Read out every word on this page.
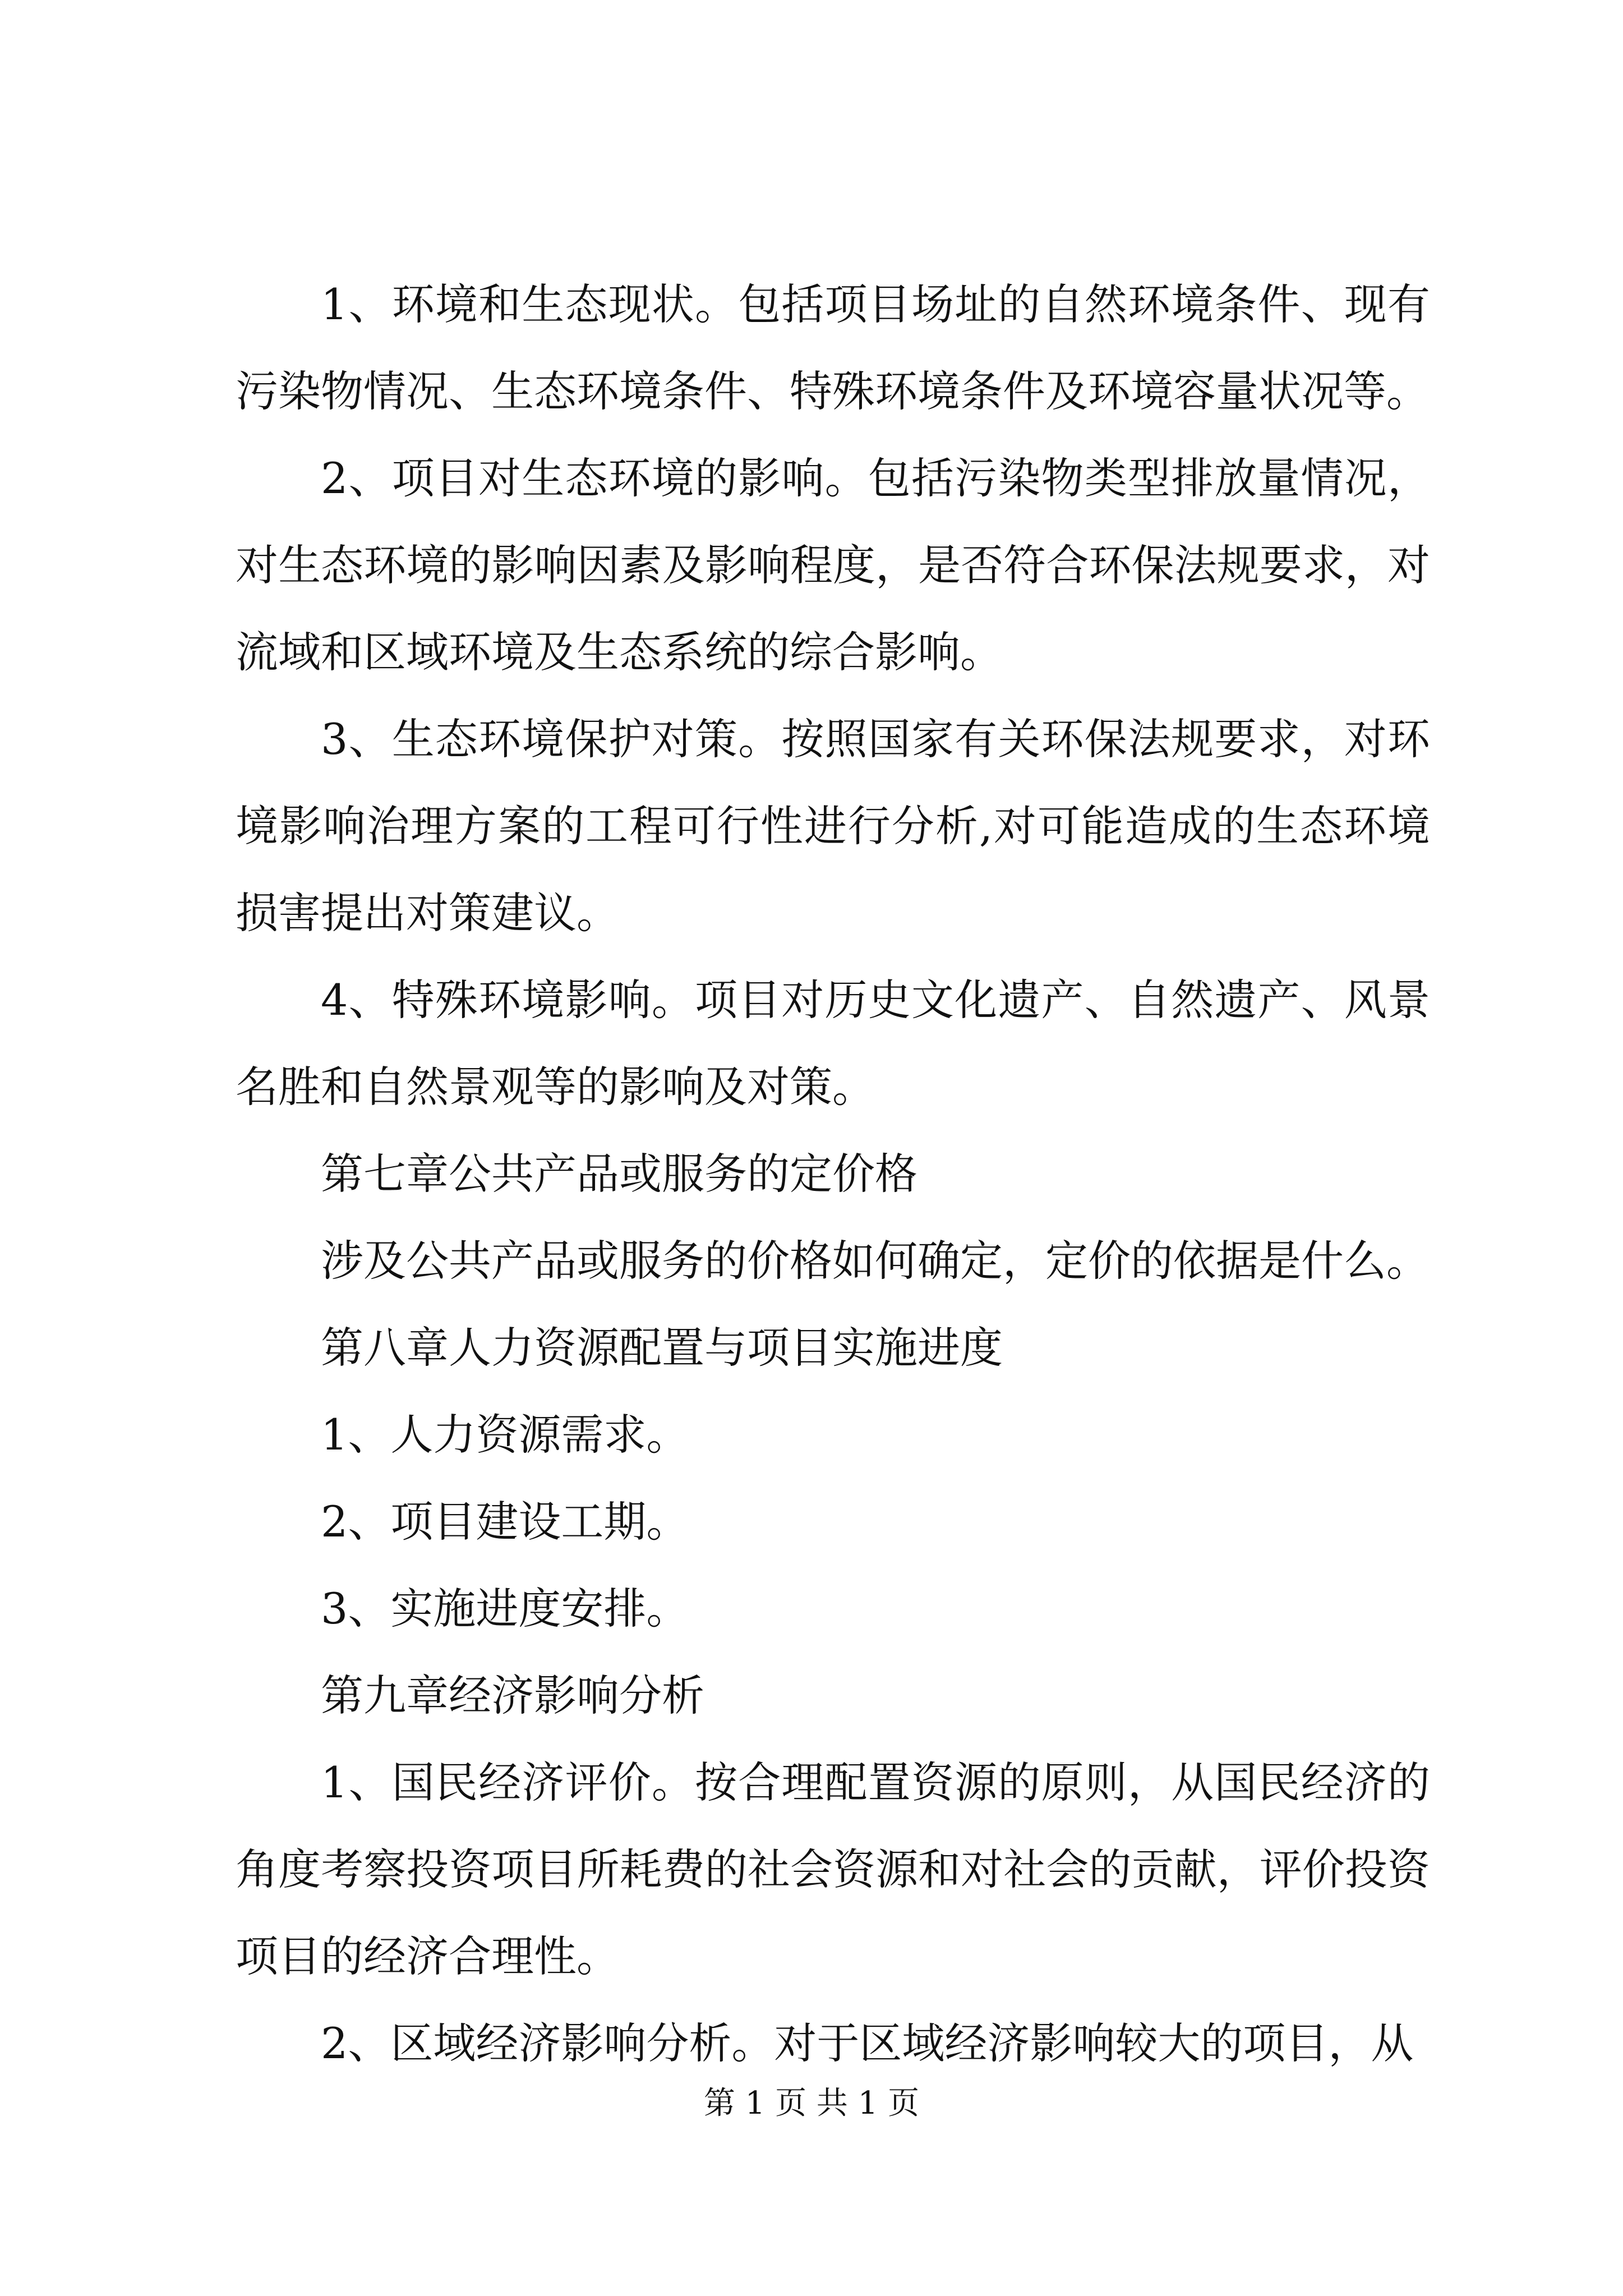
1、环境和生态现状。包括项目场址的自然环境条件、现有污染物情况、生态环境条件、特殊环境条件及环境容量状况等。

2、项目对生态环境的影响。包括污染物类型排放量情况，对生态环境的影响因素及影响程度，是否符合环保法规要求，对流域和区域环境及生态系统的综合影响。

3、生态环境保护对策。按照国家有关环保法规要求，对环境影响治理方案的工程可行性进行分析,对可能造成的生态环境损害提出对策建议。

4、特殊环境影响。项目对历史文化遗产、自然遗产、风景名胜和自然景观等的影响及对策。

第七章公共产品或服务的定价格

涉及公共产品或服务的价格如何确定，定价的依据是什么。

第八章人力资源配置与项目实施进度

1、人力资源需求。

2、项目建设工期。

3、实施进度安排。

第九章经济影响分析

1、国民经济评价。按合理配置资源的原则，从国民经济的角度考察投资项目所耗费的社会资源和对社会的贡献，评价投资项目的经济合理性。

2、区域经济影响分析。对于区域经济影响较大的项目，从

第 1 页 共 1 页
